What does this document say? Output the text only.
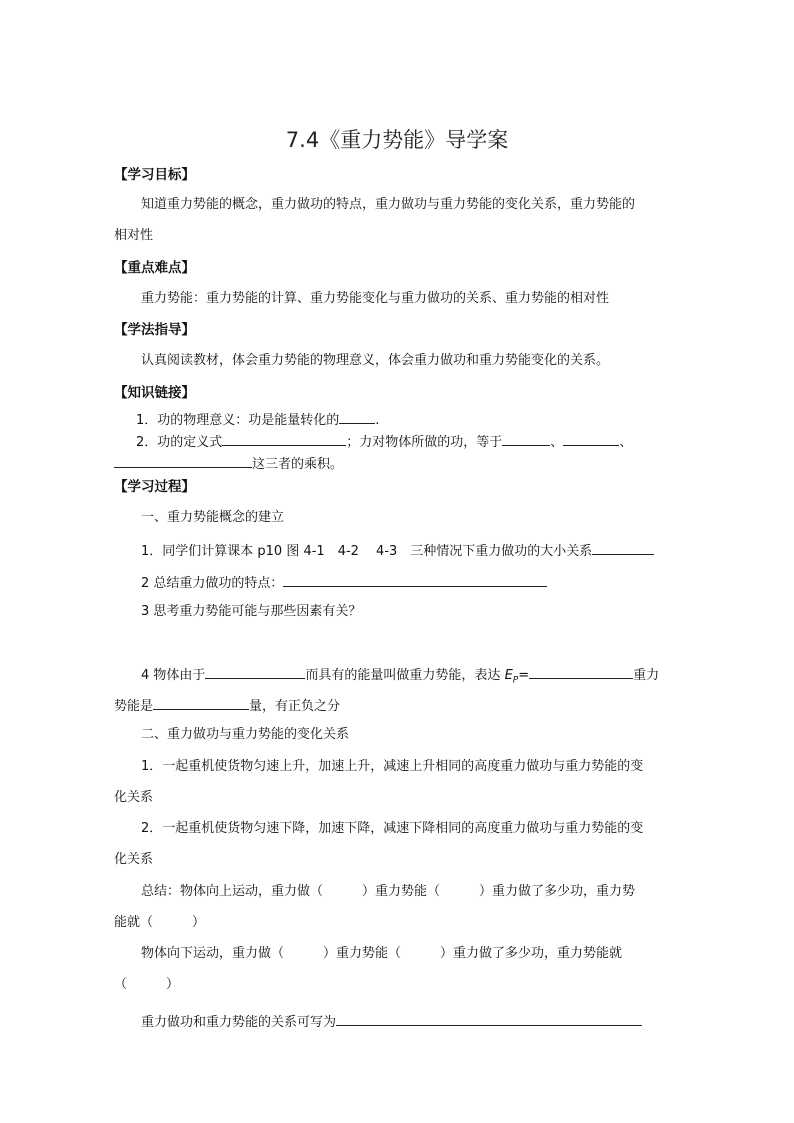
7.4《重力势能》导学案
【学习目标】
知道重力势能的概念，重力做功的特点，重力做功与重力势能的变化关系，重力势能的
相对性
【重点难点】
重力势能：重力势能的计算、重力势能变化与重力做功的关系、重力势能的相对性
【学法指导】
认真阅读教材，体会重力势能的物理意义，体会重力做功和重力势能变化的关系。
【知识链接】
1．功的物理意义：功是能量转化的	.
2．功的定义式	；力对物体所做的功，等于	、	、
这三者的乘积。
【学习过程】
一、重力势能概念的建立
1．同学们计算课本 p10 图 4-1　4-2　 4-3　三种情况下重力做功的大小关系
2 总结重力做功的特点：
3 思考重力势能可能与那些因素有关？
4 物体由于	而具有的能量叫做重力势能，表达 $E_P=$	重力
势能是	量，有正负之分
二、重力做功与重力势能的变化关系
1．一起重机使货物匀速上升，加速上升，减速上升相同的高度重力做功与重力势能的变
化关系
2．一起重机使货物匀速下降，加速下降，减速下降相同的高度重力做功与重力势能的变
化关系
总结：物体向上运动，重力做（　　　）重力势能（　　　）重力做了多少功，重力势
能就（　　　）
物体向下运动，重力做（　　　）重力势能（　　　）重力做了多少功，重力势能就
（　　　）
重力做功和重力势能的关系可写为
